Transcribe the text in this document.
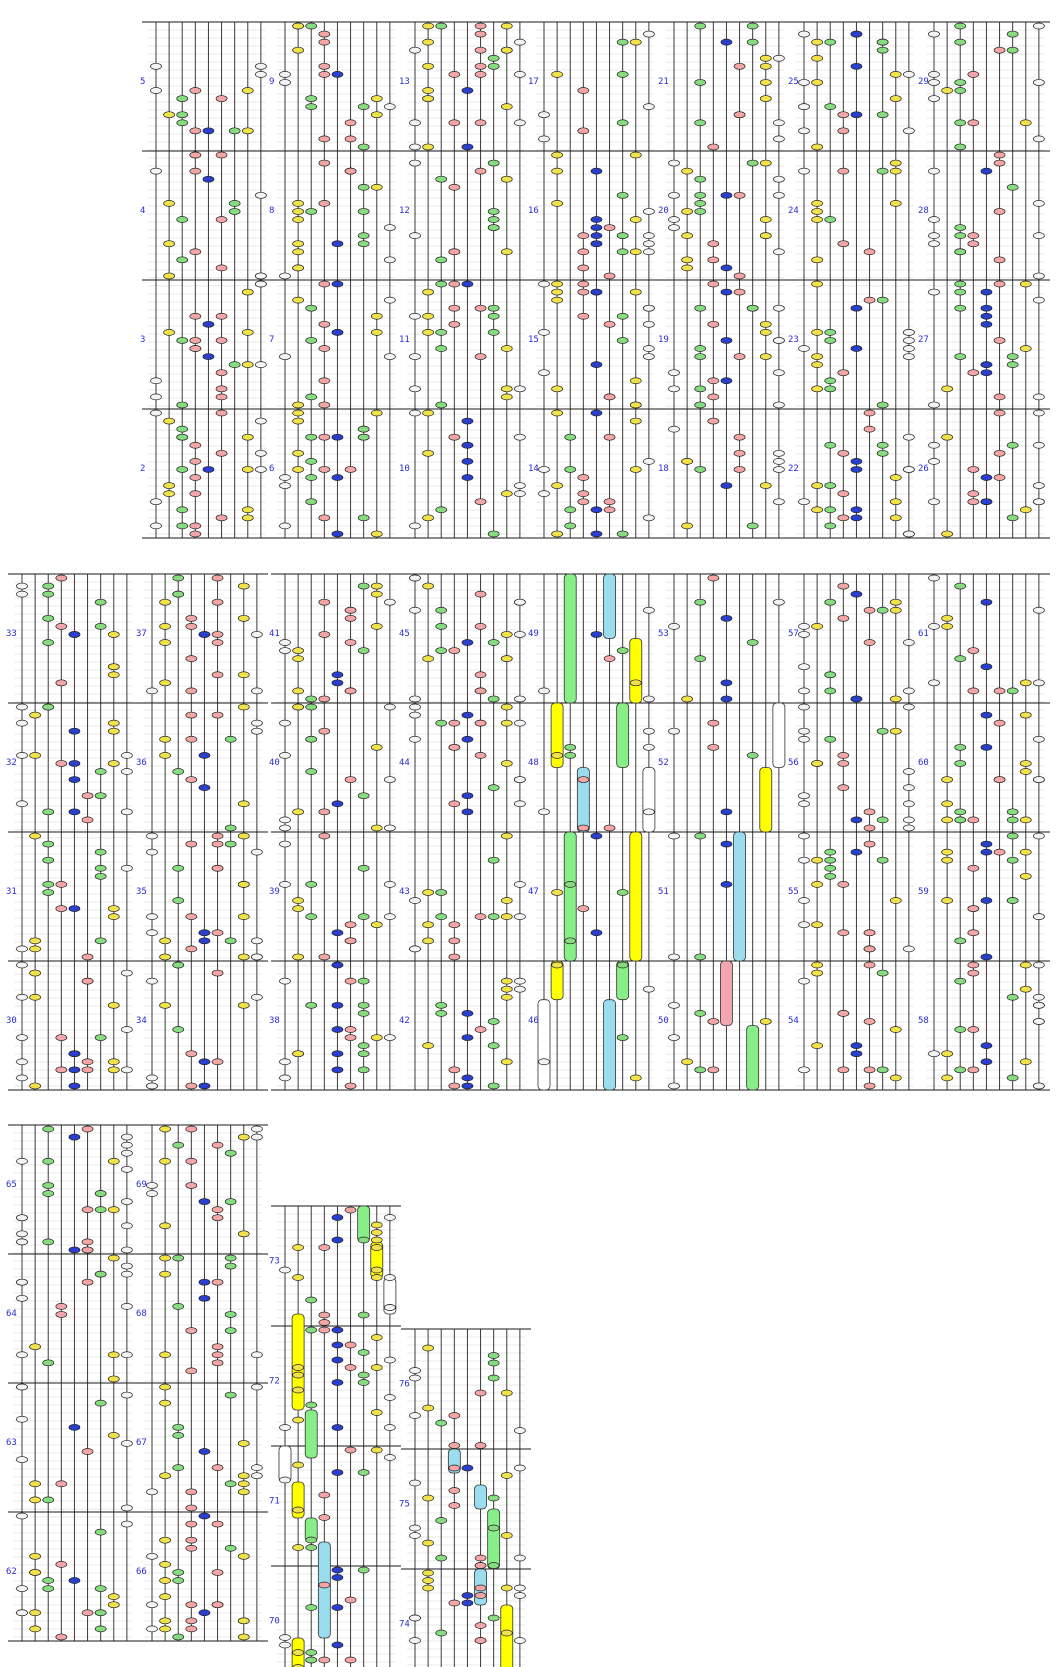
5
4
3
2
9
8
7
6
13
12
11
10
17
16
15
14
21
20
19
18
25
24
23
22
29
28
27
26
33
32
31
30
37
36
35
34
41
40
39
38
45
44
43
42
49
48
47
46
53
52
51
50
57
56
55
54
61
60
59
58
65
64
63
62
69
68
67
66
73
72
71
70
76
75
74
